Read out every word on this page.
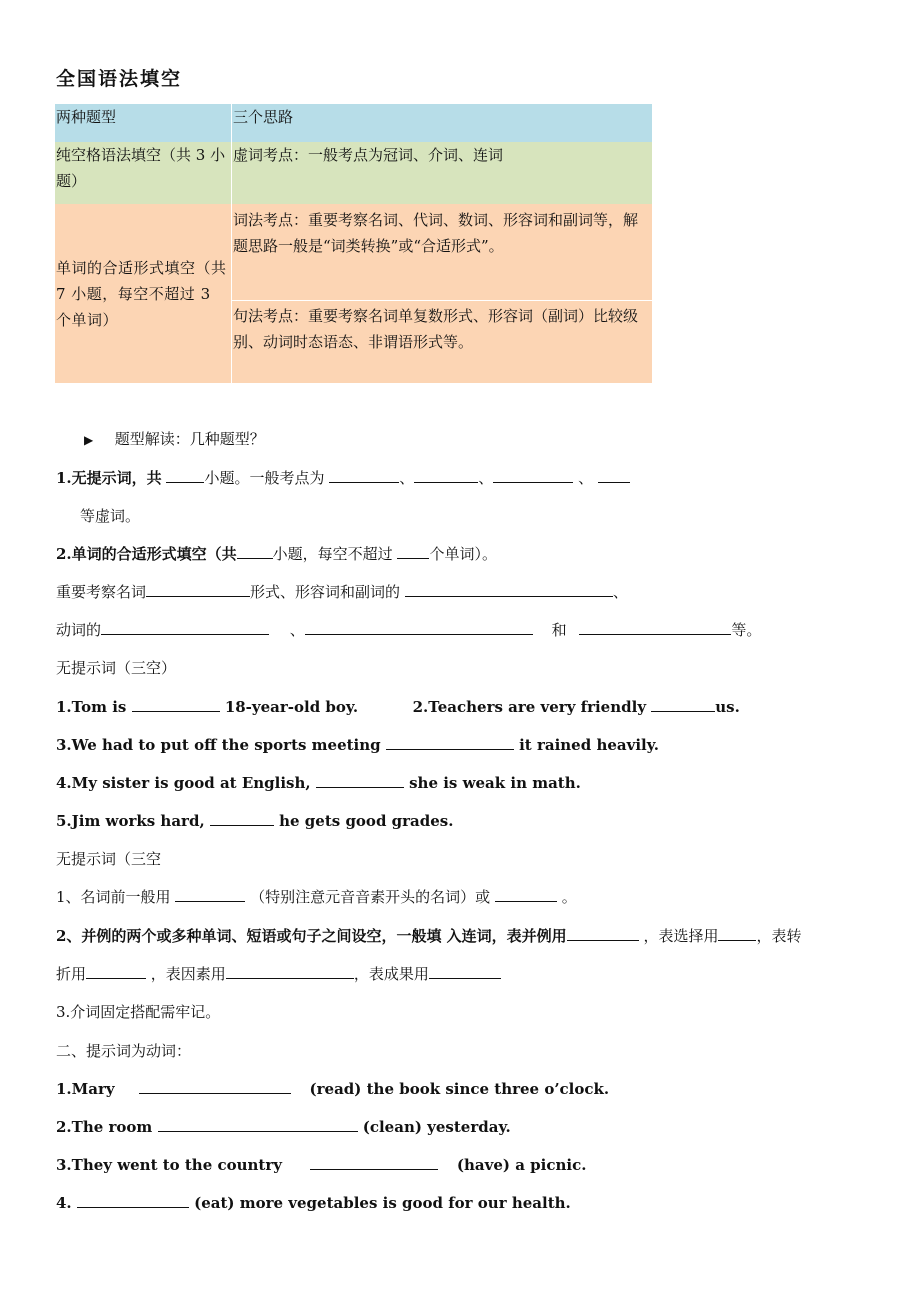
全国语法填空
两种题型	三个思路
纯空格语法填空（共 3 小题）	虚词考点：一般考点为冠词、介词、连词
单词的合适形式填空（共 7 小题，每空不超过 3 个单词）	词法考点：重要考察名词、代词、数词、形容词和副词等，解题思路一般是“词类转换”或“合适形式”。
	句法考点：重要考察名词单复数形式、形容词（副词）比较级别、动词时态语态、非谓语形式等。
▶ 题型解读：几种题型？
1.无提示词，共	小题。一般考点为	、	、	、
等虚词。
2.单词的合适形式填空（共 小题，每空不超过 个单词）。
重要考察名词	形式、形容词和副词的	、
动词的	、	和	等。
无提示词（三空）
1.Tom is	18-year-old boy.	2.Teachers are very friendly	us.
3.We had to put off the sports meeting	it rained heavily.
4.My sister is good at English,	she is weak in math.
5.Jim works hard,	he gets good grades.
无提示词（三空
1、名词前一般用	（特别注意元音音素开头的名词）或	。
2、并例的两个或多种单词、短语或句子之间设空，一般填 入连词，表并例用	，表选择用	，表转
折用	，表因素用	，表成果用
3.介词固定搭配需牢记。
二、提示词为动词：
1.Mary	(read) the book since three o’clock.
2.The room	(clean) yesterday.
3.They went to the country	(have) a picnic.
4.	(eat) more vegetables is good for our health.
